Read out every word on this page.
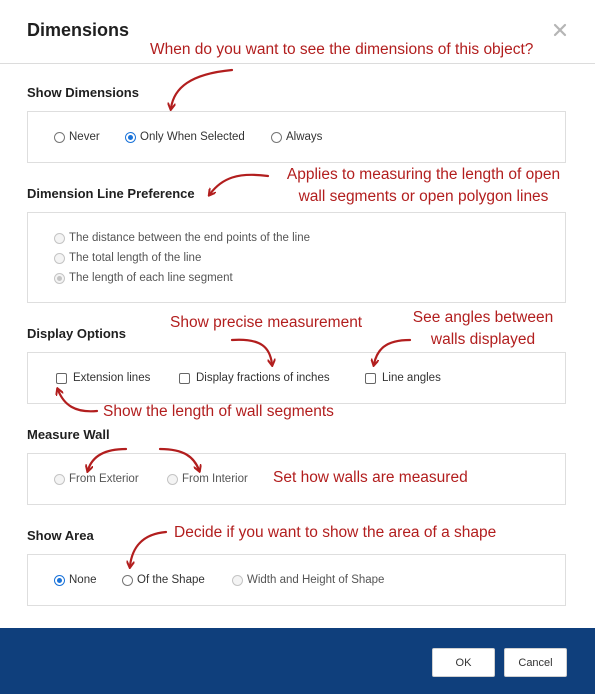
Dimensions
Show Dimensions
Never	Only When Selected	Always
Dimension Line Preference
The distance between the end points of the line
The total length of the line
The length of each line segment
Display Options
Extension lines	Display fractions of inches	Line angles
Measure Wall
From Exterior	From Interior
Show Area
None	Of the Shape	Width and Height of Shape
When do you want to see the dimensions of this object?
Applies to measuring the length of open
wall segments or open polygon lines
Show precise measurement	See angles between
walls displayed
Show the length of wall segments
Set how walls are measured
Decide if you want to show the area of a shape
OK	Cancel
